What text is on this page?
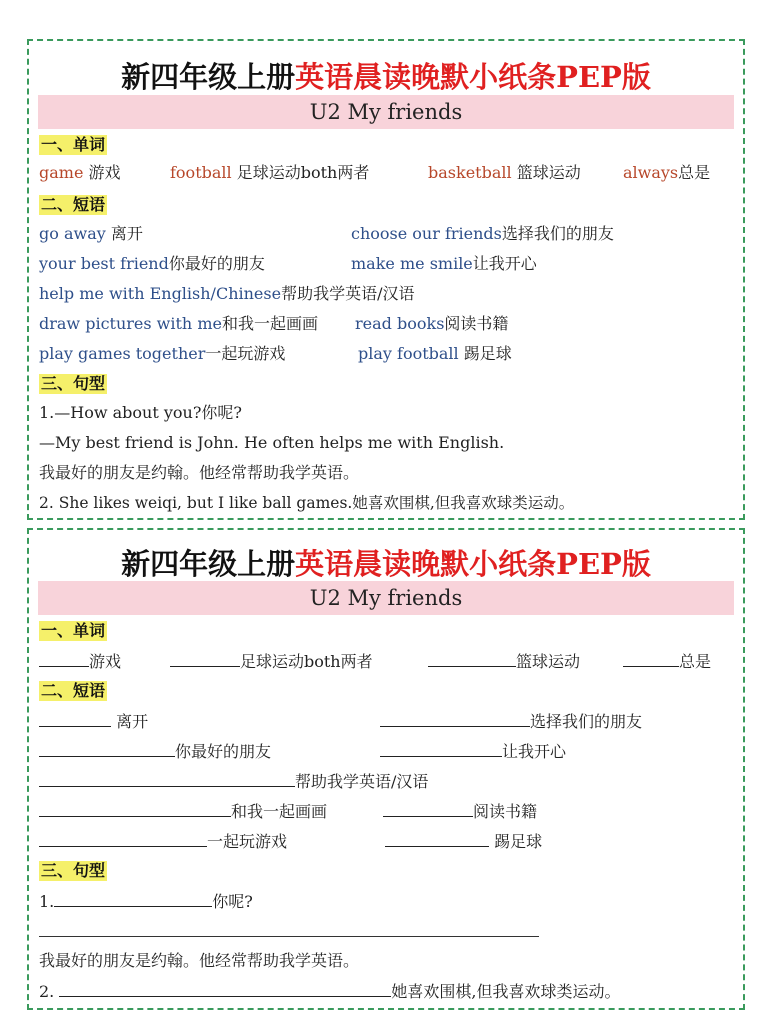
新四年级上册英语晨读晚默小纸条PEP版
U2 My friends
一、单词
game 游戏	football 足球运动both两者	basketball 篮球运动	always总是
二、短语
go away 离开	choose our friends选择我们的朋友
your best friend你最好的朋友	make me smile让我开心
help me with English/Chinese帮助我学英语/汉语
draw pictures with me和我一起画画 read books阅读书籍
play games together一起玩游戏	play football 踢足球
三、句型
1.—How about you?你呢?
—My best friend is John. He often helps me with English.
我最好的朋友是约翰。他经常帮助我学英语。
2. She likes weiqi, but I like ball games.她喜欢围棋,但我喜欢球类运动。
新四年级上册英语晨读晚默小纸条PEP版
U2 My friends
一、单词
游戏	足球运动both两者	篮球运动	总是
二、短语
离开	选择我们的朋友
你最好的朋友	让我开心
帮助我学英语/汉语
和我一起画画	阅读书籍
一起玩游戏	踢足球
三、句型
1.	你呢?
我最好的朋友是约翰。他经常帮助我学英语。
2.	她喜欢围棋,但我喜欢球类运动。
